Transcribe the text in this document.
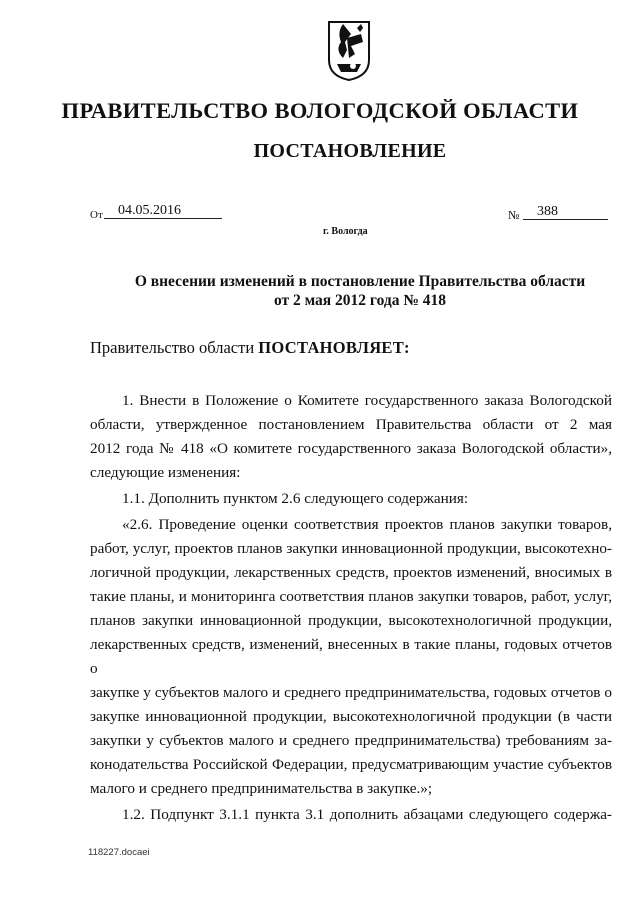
ПРАВИТЕЛЬСТВО ВОЛОГОДСКОЙ ОБЛАСТИ
ПОСТАНОВЛЕНИЕ
От	04.05.2016
г. Вологда
№	388
О внесении изменений в постановление Правительства области
от 2 мая 2012 года № 418
Правительство области ПОСТАНОВЛЯЕТ:

1. Внести в Положение о Комитете государственного заказа Вологодской
области, утвержденное постановлением Правительства области от 2 мая
2012 года № 418 «О комитете государственного заказа Вологодской области»,
следующие изменения:

1.1. Дополнить пунктом 2.6 следующего содержания:

«2.6. Проведение оценки соответствия проектов планов закупки товаров,
работ, услуг, проектов планов закупки инновационной продукции, высокотехно-
логичной продукции, лекарственных средств, проектов изменений, вносимых в
такие планы, и мониторинга соответствия планов закупки товаров, работ, услуг,
планов закупки инновационной продукции, высокотехнологичной продукции,
лекарственных средств, изменений, внесенных в такие планы, годовых отчетов о
закупке у субъектов малого и среднего предпринимательства, годовых отчетов о
закупке инновационной продукции, высокотехнологичной продукции (в части
закупки у субъектов малого и среднего предпринимательства) требованиям за-
конодательства Российской Федерации, предусматривающим участие субъектов
малого и среднего предпринимательства в закупке.»;

1.2. Подпункт 3.1.1 пункта 3.1 дополнить абзацами следующего содержа-

118227.docaei
